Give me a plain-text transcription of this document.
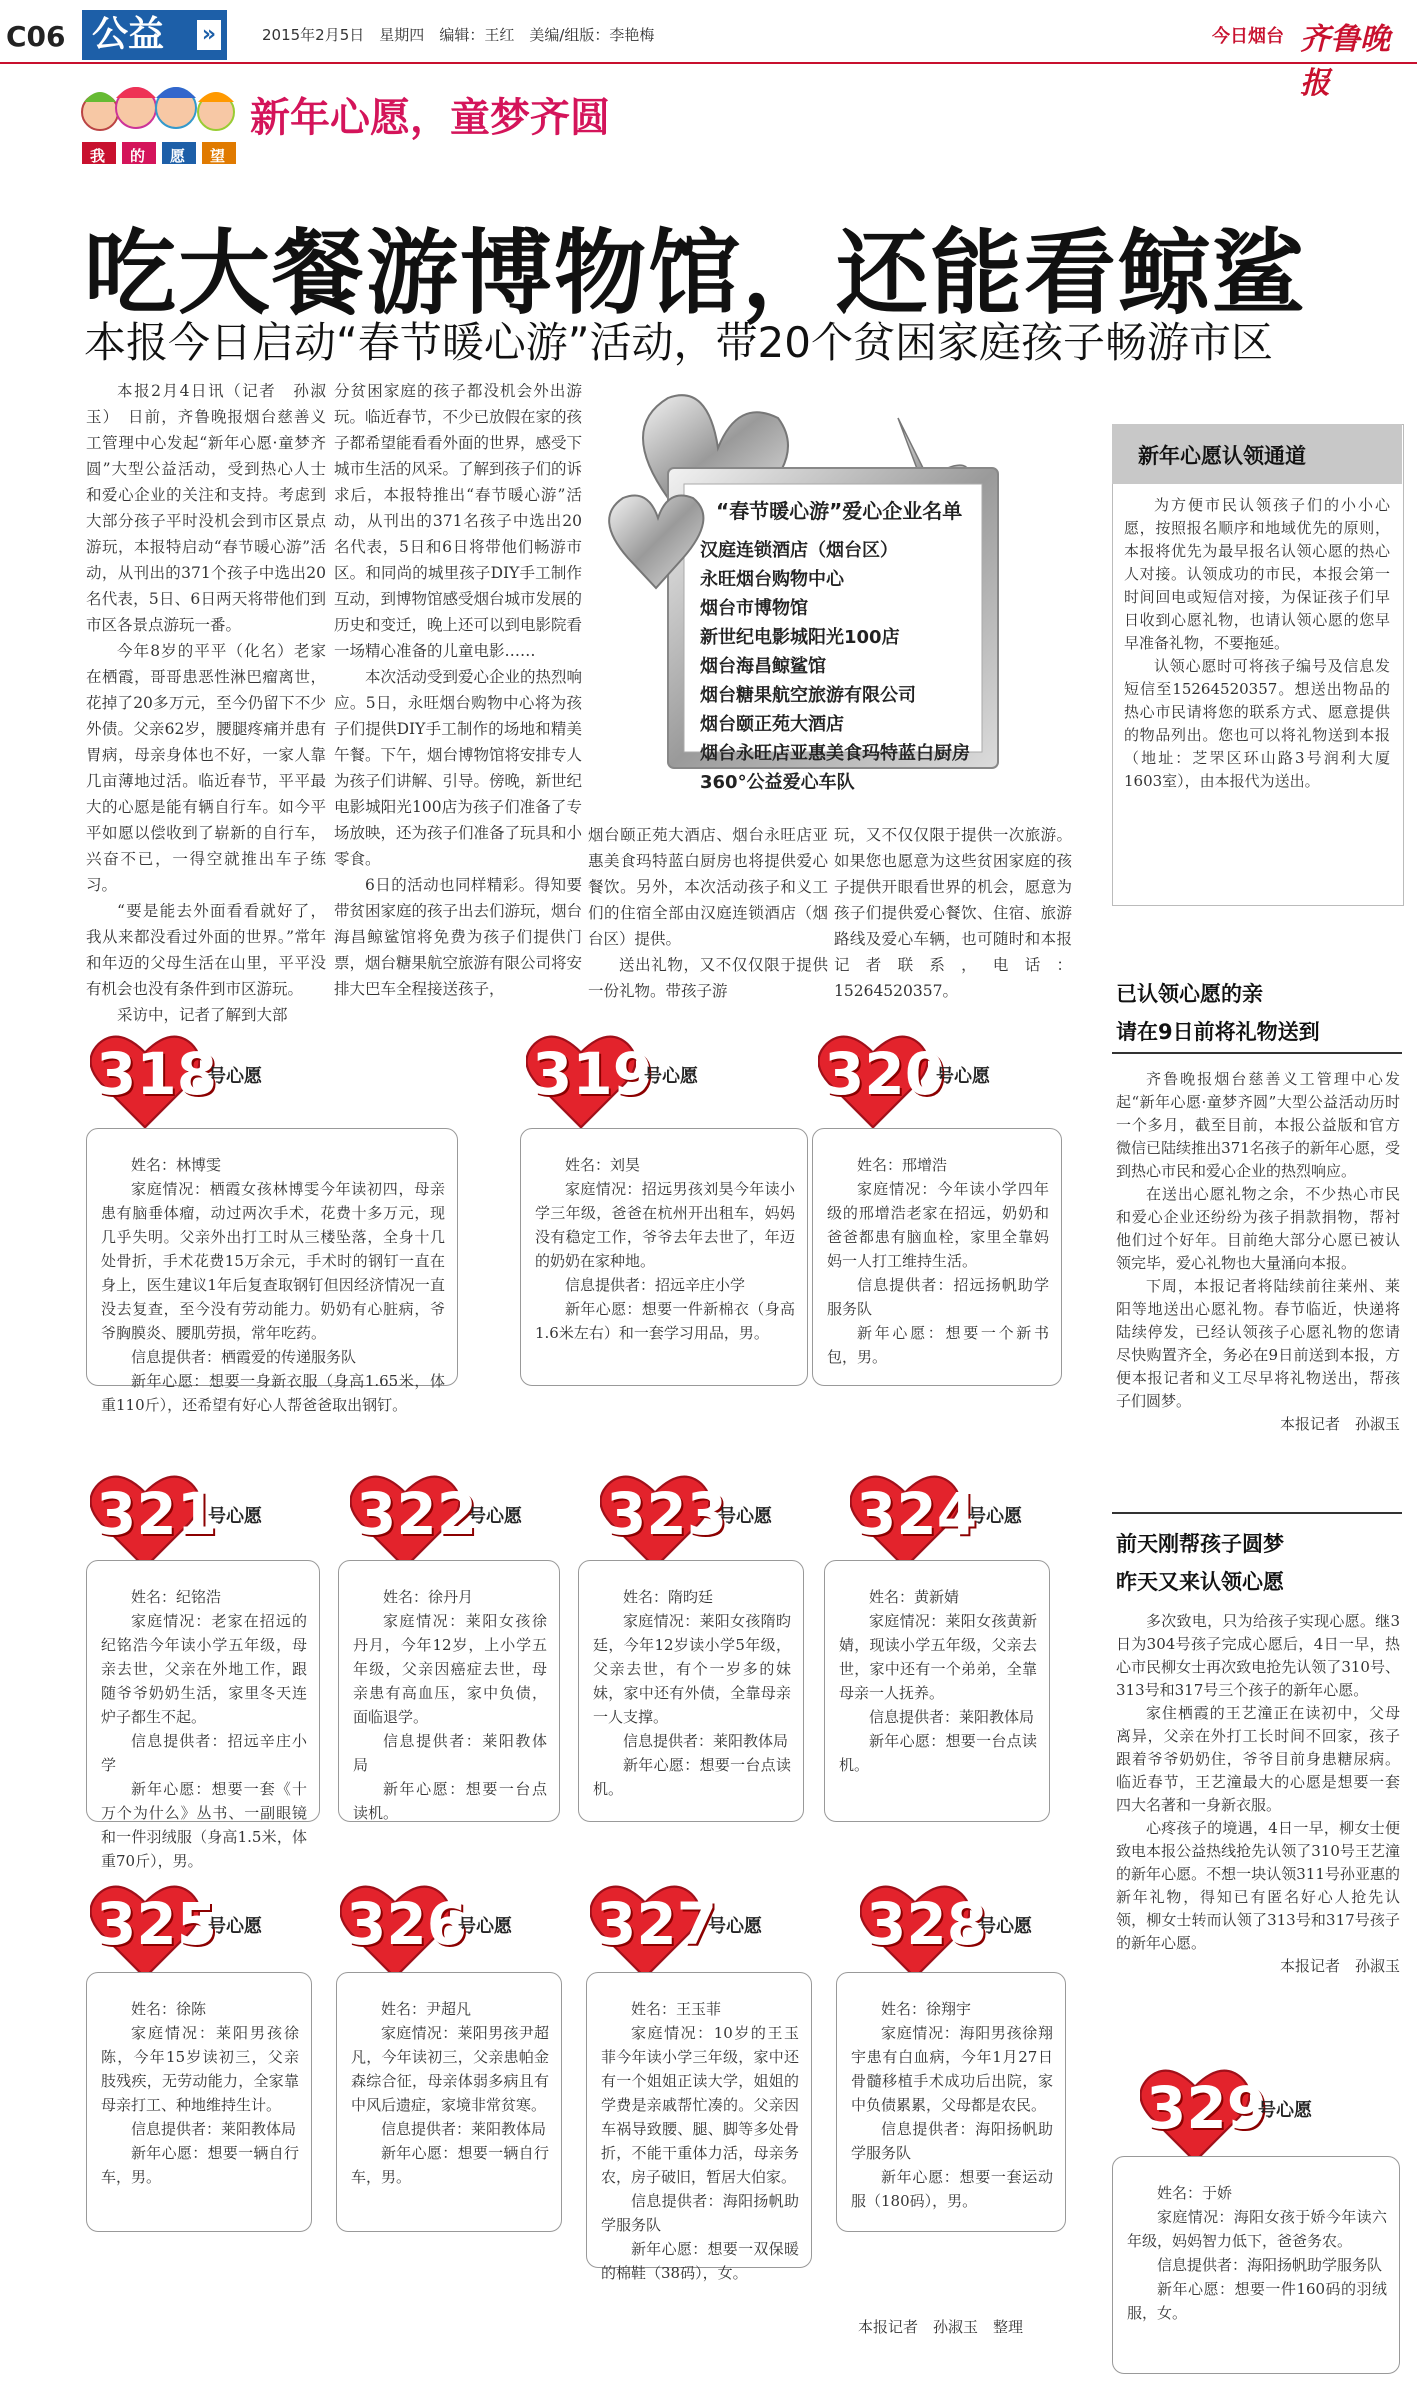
C06 公益 »	2015年2月5日　 星期四　 编辑：王红　 美编/组版：李艳梅	今日烟台 齐鲁晚报
我 的 愿 望
新年心愿，童梦齐圆
吃大餐游博物馆，还能看鲸鲨
本报今日启动“春节暖心游”活动，带20个贫困家庭孩子畅游市区

本报2月4日讯（记者　孙淑玉）　日前，齐鲁晚报烟台慈善义工管理中心发起“新年心愿·童梦齐圆”大型公益活动，受到热心人士和爱心企业的关注和支持。考虑到大部分孩子平时没机会到市区景点游玩，本报特启动“春节暖心游”活动，从刊出的371个孩子中选出20名代表，5日、6日两天将带他们到市区各景点游玩一番。

今年8岁的平平（化名）老家在栖霞，哥哥患恶性淋巴瘤离世，花掉了20多万元，至今仍留下不少外债。父亲62岁，腰腿疼痛并患有胃病，母亲身体也不好，一家人靠几亩薄地过活。临近春节，平平最大的心愿是能有辆自行车。如今平平如愿以偿收到了崭新的自行车，兴奋不已，一得空就推出车子练习。

“要是能去外面看看就好了，我从来都没看过外面的世界。”常年和年迈的父母生活在山里，平平没有机会也没有条件到市区游玩。

采访中，记者了解到大部

分贫困家庭的孩子都没机会外出游玩。临近春节，不少已放假在家的孩子都希望能看看外面的世界，感受下城市生活的风采。了解到孩子们的诉求后，本报特推出“春节暖心游”活动，从刊出的371名孩子中选出20名代表，5日和6日将带他们畅游市区。和同尚的城里孩子DIY手工制作互动，到博物馆感受烟台城市发展的历史和变迁，晚上还可以到电影院看一场精心准备的儿童电影……

本次活动受到爱心企业的热烈响应。5日，永旺烟台购物中心将为孩子们提供DIY手工制作的场地和精美午餐。下午，烟台博物馆将安排专人为孩子们讲解、引导。傍晚，新世纪电影城阳光100店为孩子们准备了专场放映，还为孩子们准备了玩具和小零食。

6日的活动也同样精彩。得知要带贫困家庭的孩子出去们游玩，烟台海昌鲸鲨馆将免费为孩子们提供门票，烟台糖果航空旅游有限公司将安排大巴车全程接送孩子，

烟台颐正苑大酒店、烟台永旺店亚惠美食玛特蓝白厨房也将提供爱心餐饮。另外，本次活动孩子和义工们的住宿全部由汉庭连锁酒店（烟台区）提供。

送出礼物，又不仅仅限于提供一份礼物。带孩子游

玩，又不仅仅限于提供一次旅游。如果您也愿意为这些贫困家庭的孩子提供开眼看世界的机会，愿意为孩子们提供爱心餐饮、住宿、旅游路线及爱心车辆，也可随时和本报记者联系，电话：15264520357。

“春节暖心游”爱心企业名单
汉庭连锁酒店（烟台区）
永旺烟台购物中心
烟台市博物馆
新世纪电影城阳光100店
烟台海昌鲸鲨馆
烟台糖果航空旅游有限公司
烟台颐正苑大酒店
烟台永旺店亚惠美食玛特蓝白厨房
360°公益爱心车队
新年心愿认领通道

为方便市民认领孩子们的小小心愿，按照报名顺序和地域优先的原则，本报将优先为最早报名认领心愿的热心人对接。认领成功的市民，本报会第一时间回电或短信对接，为保证孩子们早日收到心愿礼物，也请认领心愿的您早早准备礼物，不要拖延。

认领心愿时可将孩子编号及信息发短信至15264520357。想送出物品的热心市民请将您的联系方式、愿意提供的物品列出。您也可以将礼物送到本报（地址：芝罘区环山路3号润利大厦1603室），由本报代为送出。

已认领心愿的亲
请在9日前将礼物送到

齐鲁晚报烟台慈善义工管理中心发起“新年心愿·童梦齐圆”大型公益活动历时一个多月，截至目前，本报公益版和官方微信已陆续推出371名孩子的新年心愿，受到热心市民和爱心企业的热烈响应。

在送出心愿礼物之余，不少热心市民和爱心企业还纷纷为孩子捐款捐物，帮衬他们过个好年。目前绝大部分心愿已被认领完毕，爱心礼物也大量涌向本报。

下周，本报记者将陆续前往莱州、莱阳等地送出心愿礼物。春节临近，快递将陆续停发，已经认领孩子心愿礼物的您请尽快购置齐全，务必在9日前送到本报，方便本报记者和义工尽早将礼物送出，帮孩子们圆梦。

本报记者　孙淑玉

前天刚帮孩子圆梦
昨天又来认领心愿

多次致电，只为给孩子实现心愿。继3日为304号孩子完成心愿后，4日一早，热心市民柳女士再次致电抢先认领了310号、313号和317号三个孩子的新年心愿。

家住栖霞的王艺潼正在读初中，父母离异，父亲在外打工长时间不回家，孩子跟着爷爷奶奶住，爷爷目前身患糖尿病。临近春节，王艺潼最大的心愿是想要一套四大名著和一身新衣服。

心疼孩子的境遇，4日一早，柳女士便致电本报公益热线抢先认领了310号王艺潼的新年心愿。不想一块认领311号孙亚惠的新年礼物，得知已有匿名好心人抢先认领，柳女士转而认领了313号和317号孩子的新年心愿。

本报记者　孙淑玉

318
号心愿

姓名：林博雯

家庭情况：栖霞女孩林博雯今年读初四，母亲患有脑垂体瘤，动过两次手术，花费十多万元，现几乎失明。父亲外出打工时从三楼坠落，全身十几处骨折，手术花费15万余元，手术时的钢钉一直在身上，医生建议1年后复查取钢钉但因经济情况一直没去复查，至今没有劳动能力。奶奶有心脏病，爷爷胸膜炎、腰肌劳损，常年吃药。

信息提供者：栖霞爱的传递服务队

新年心愿：想要一身新衣服（身高1.65米，体重110斤），还希望有好心人帮爸爸取出钢钉。

319
号心愿

姓名：刘昊

家庭情况：招远男孩刘昊今年读小学三年级，爸爸在杭州开出租车，妈妈没有稳定工作，爷爷去年去世了，年迈的奶奶在家种地。

信息提供者：招远辛庄小学

新年心愿：想要一件新棉衣（身高1.6米左右）和一套学习用品，男。

320
号心愿

姓名：邢增浩

家庭情况：今年读小学四年级的邢增浩老家在招远，奶奶和爸爸都患有脑血栓，家里全靠妈妈一人打工维持生活。

信息提供者：招远扬帆助学服务队

新年心愿：想要一个新书包，男。

321
号心愿

姓名：纪铭浩

家庭情况：老家在招远的纪铭浩今年读小学五年级，母亲去世，父亲在外地工作，跟随爷爷奶奶生活，家里冬天连炉子都生不起。

信息提供者：招远辛庄小学

新年心愿：想要一套《十万个为什么》丛书、一副眼镜和一件羽绒服（身高1.5米，体重70斤），男。

322
号心愿

姓名：徐丹月

家庭情况：莱阳女孩徐丹月，今年12岁，上小学五年级，父亲因癌症去世，母亲患有高血压，家中负债，面临退学。

信息提供者：莱阳教体局

新年心愿：想要一台点读机。

323
号心愿

姓名：隋昀廷

家庭情况：莱阳女孩隋昀廷，今年12岁读小学5年级，父亲去世，有个一岁多的妹妹，家中还有外债，全靠母亲一人支撑。

信息提供者：莱阳教体局

新年心愿：想要一台点读机。

324
号心愿

姓名：黄新婧

家庭情况：莱阳女孩黄新婧，现读小学五年级，父亲去世，家中还有一个弟弟，全靠母亲一人抚养。

信息提供者：莱阳教体局

新年心愿：想要一台点读机。

325
号心愿

姓名：徐陈

家庭情况：莱阳男孩徐陈，今年15岁读初三，父亲肢残疾，无劳动能力，全家靠母亲打工、种地维持生计。

信息提供者：莱阳教体局

新年心愿：想要一辆自行车，男。

326
号心愿

姓名：尹超凡

家庭情况：莱阳男孩尹超凡，今年读初三，父亲患帕金森综合征，母亲体弱多病且有中风后遗症，家境非常贫寒。

信息提供者：莱阳教体局

新年心愿：想要一辆自行车，男。

327
号心愿

姓名：王玉菲

家庭情况：10岁的王玉菲今年读小学三年级，家中还有一个姐姐正读大学，姐姐的学费是亲戚帮忙凑的。父亲因车祸导致腰、腿、脚等多处骨折，不能干重体力活，母亲务农，房子破旧，暂居大伯家。

信息提供者：海阳扬帆助学服务队

新年心愿：想要一双保暖的棉鞋（38码），女。

328
号心愿

姓名：徐翔宇

家庭情况：海阳男孩徐翔宇患有白血病，今年1月27日骨髓移植手术成功后出院，家中负债累累，父母都是农民。

信息提供者：海阳扬帆助学服务队

新年心愿：想要一套运动服（180码），男。

329
号心愿

姓名：于娇

家庭情况：海阳女孩于娇今年读六年级，妈妈智力低下，爸爸务农。

信息提供者：海阳扬帆助学服务队

新年心愿：想要一件160码的羽绒服，女。

本报记者　孙淑玉　整理
